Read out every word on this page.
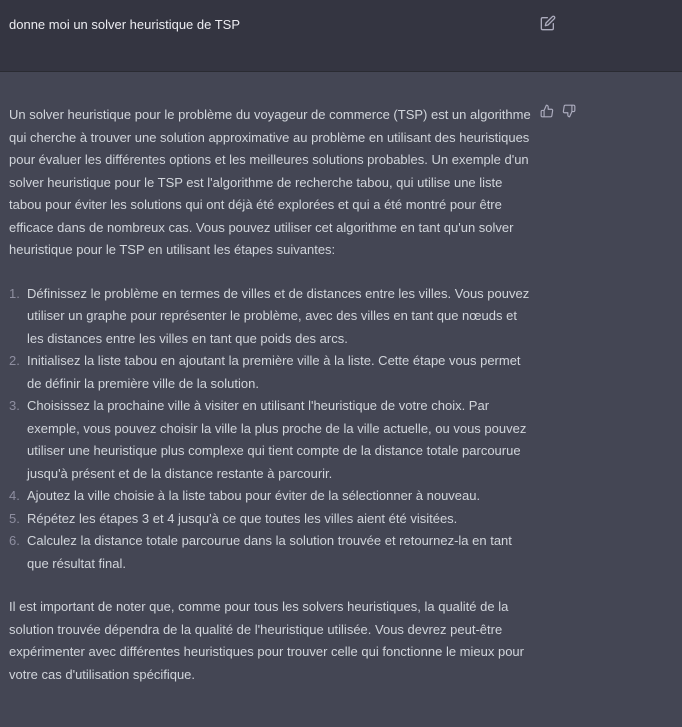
donne moi un solver heuristique de TSP

Un solver heuristique pour le problème du voyageur de commerce (TSP) est un algorithme qui cherche à trouver une solution approximative au problème en utilisant des heuristiques pour évaluer les différentes options et les meilleures solutions probables. Un exemple d'un solver heuristique pour le TSP est l'algorithme de recherche tabou, qui utilise une liste tabou pour éviter les solutions qui ont déjà été explorées et qui a été montré pour être efficace dans de nombreux cas. Vous pouvez utiliser cet algorithme en tant qu'un solver heuristique pour le TSP en utilisant les étapes suivantes:

Définissez le problème en termes de villes et de distances entre les villes. Vous pouvez utiliser un graphe pour représenter le problème, avec des villes en tant que nœuds et les distances entre les villes en tant que poids des arcs.
Initialisez la liste tabou en ajoutant la première ville à la liste. Cette étape vous permet de définir la première ville de la solution.
Choisissez la prochaine ville à visiter en utilisant l'heuristique de votre choix. Par exemple, vous pouvez choisir la ville la plus proche de la ville actuelle, ou vous pouvez utiliser une heuristique plus complexe qui tient compte de la distance totale parcourue jusqu'à présent et de la distance restante à parcourir.
Ajoutez la ville choisie à la liste tabou pour éviter de la sélectionner à nouveau.
Répétez les étapes 3 et 4 jusqu'à ce que toutes les villes aient été visitées.
Calculez la distance totale parcourue dans la solution trouvée et retournez-la en tant que résultat final.

Il est important de noter que, comme pour tous les solvers heuristiques, la qualité de la solution trouvée dépendra de la qualité de l'heuristique utilisée. Vous devrez peut-être expérimenter avec différentes heuristiques pour trouver celle qui fonctionne le mieux pour votre cas d'utilisation spécifique.
